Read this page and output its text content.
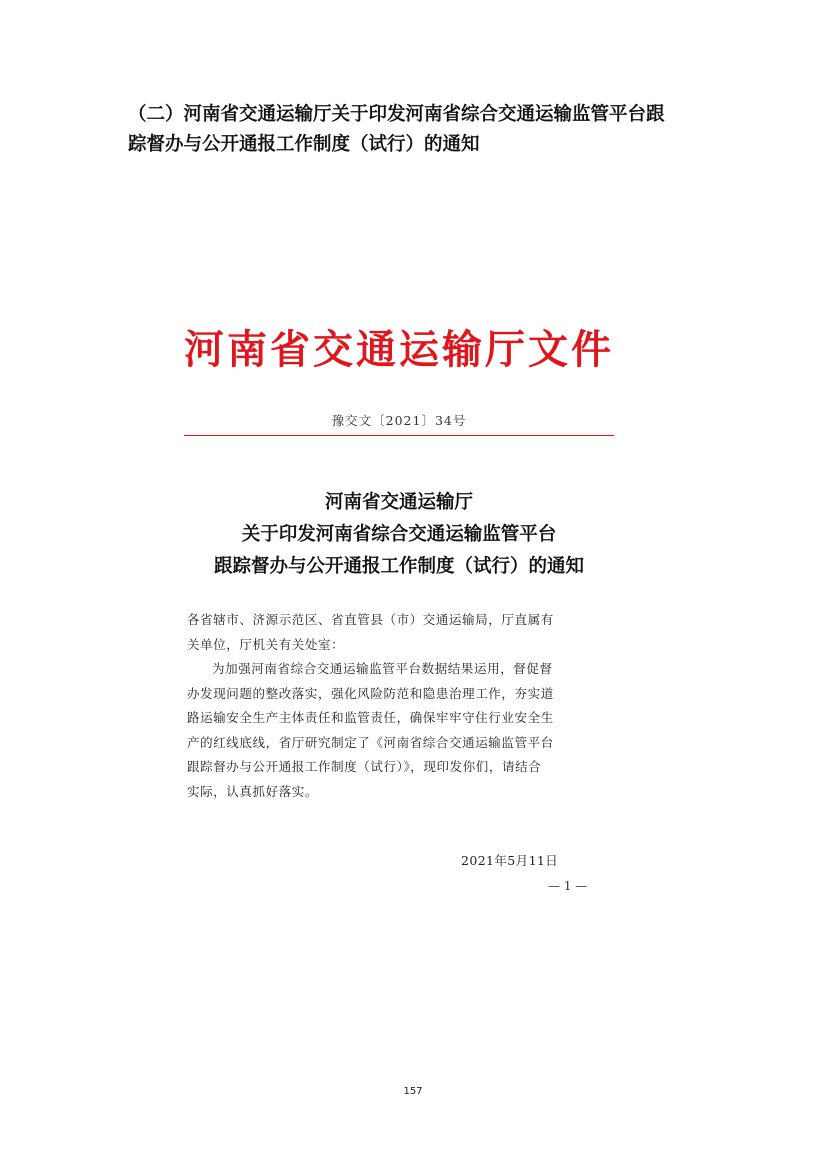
（二）河南省交通运输厅关于印发河南省综合交通运输监管平台跟
踪督办与公开通报工作制度（试行）的通知
河南省交通运输厅文件
豫交文〔2021〕34号
河南省交通运输厅
关于印发河南省综合交通运输监管平台
跟踪督办与公开通报工作制度（试行）的通知
各省辖市、济源示范区、省直管县（市）交通运输局，厅直属有
关单位，厅机关有关处室：
为加强河南省综合交通运输监管平台数据结果运用，督促督
办发现问题的整改落实，强化风险防范和隐患治理工作，夯实道
路运输安全生产主体责任和监管责任，确保牢牢守住行业安全生
产的红线底线，省厅研究制定了《河南省综合交通运输监管平台
跟踪督办与公开通报工作制度（试行）》，现印发你们，请结合
实际，认真抓好落实。
2021年5月11日
— 1 —
157
